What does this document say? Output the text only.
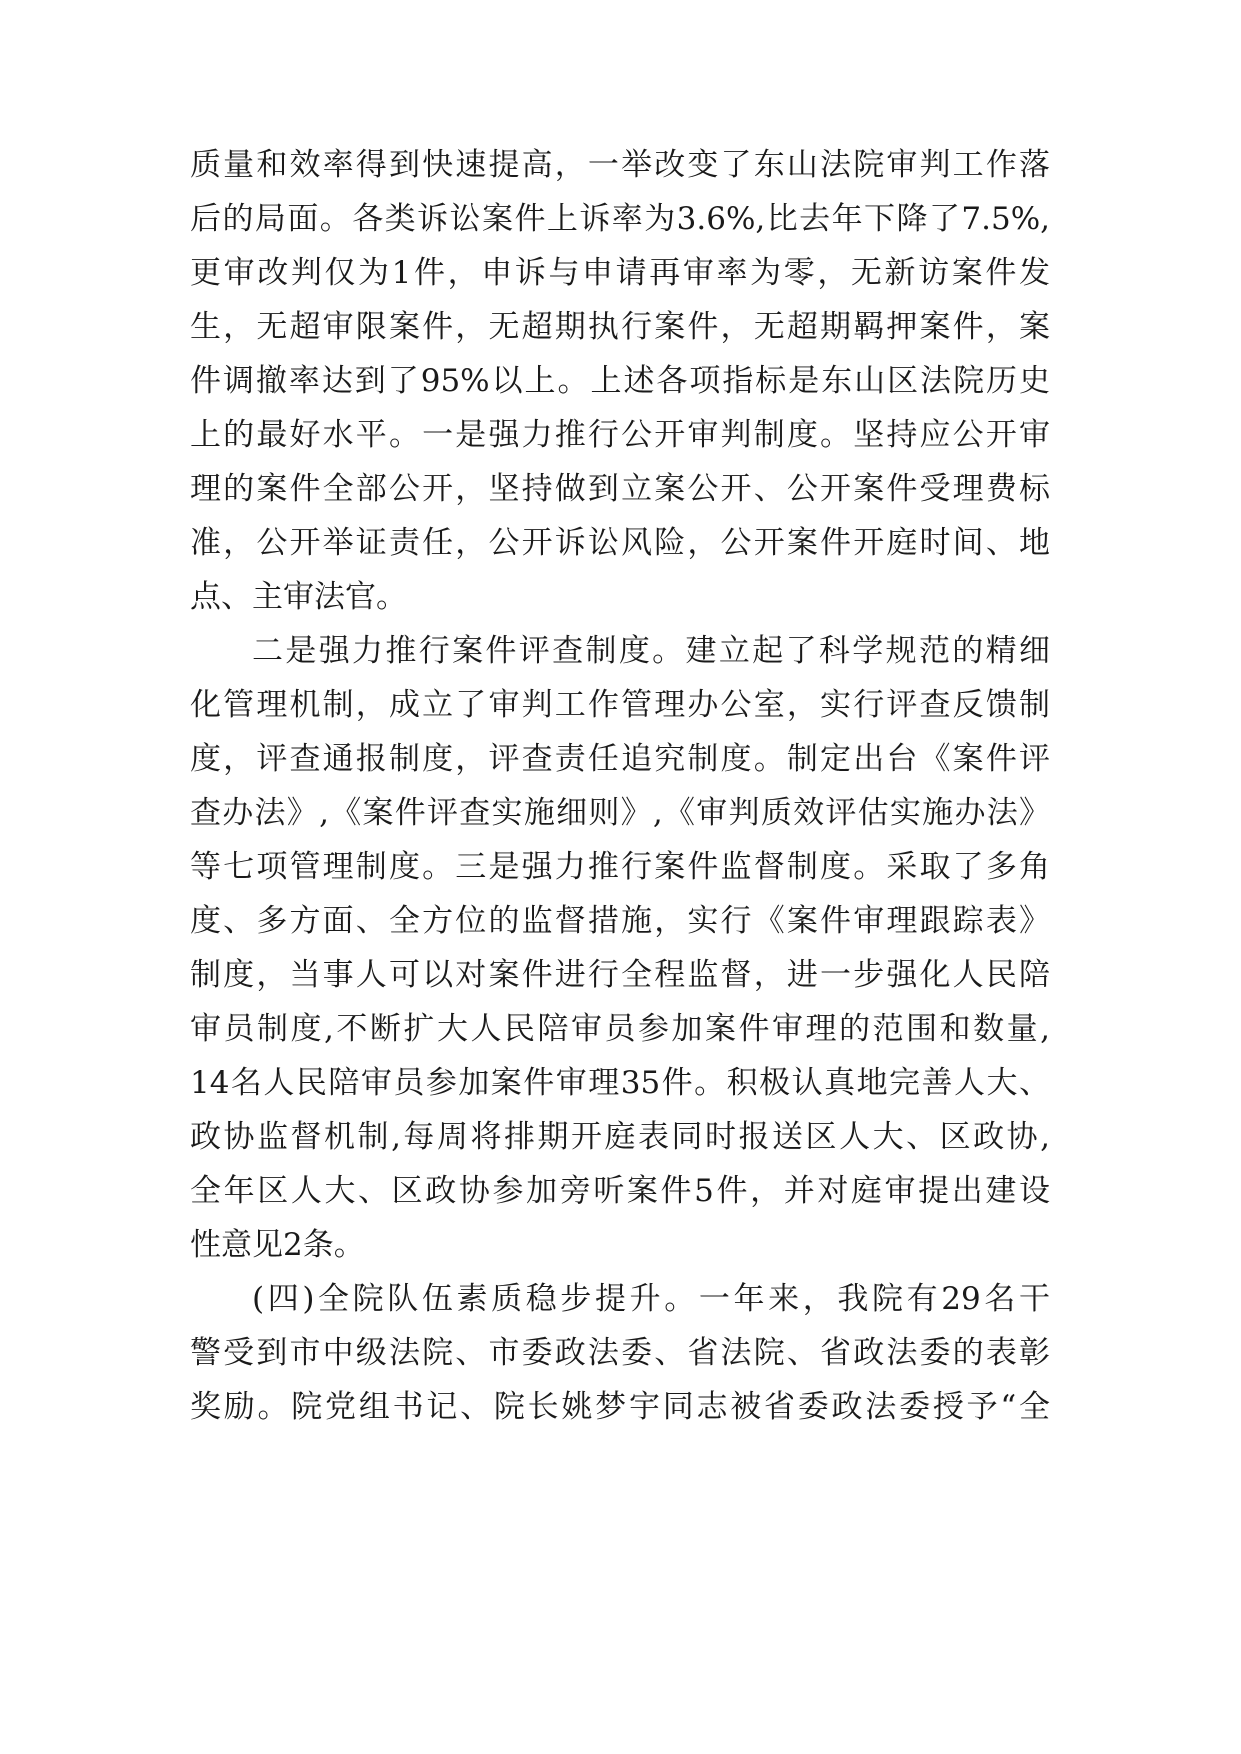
质量和效率得到快速提高，一举改变了东山法院审判工作落
后的局面。各类诉讼案件上诉率为3.6%,比去年下降了7.5%,
更审改判仅为1件，申诉与申请再审率为零，无新访案件发
生，无超审限案件，无超期执行案件，无超期羁押案件，案
件调撤率达到了95%以上。上述各项指标是东山区法院历史
上的最好水平。一是强力推行公开审判制度。坚持应公开审
理的案件全部公开，坚持做到立案公开、公开案件受理费标
准，公开举证责任，公开诉讼风险，公开案件开庭时间、地
点、主审法官。
二是强力推行案件评查制度。建立起了科学规范的精细
化管理机制，成立了审判工作管理办公室，实行评查反馈制
度，评查通报制度，评查责任追究制度。制定出台《案件评
查办法》,《案件评查实施细则》,《审判质效评估实施办法》
等七项管理制度。三是强力推行案件监督制度。采取了多角
度、多方面、全方位的监督措施，实行《案件审理跟踪表》
制度，当事人可以对案件进行全程监督，进一步强化人民陪
审员制度,不断扩大人民陪审员参加案件审理的范围和数量,
14名人民陪审员参加案件审理35件。积极认真地完善人大、
政协监督机制,每周将排期开庭表同时报送区人大、区政协,
全年区人大、区政协参加旁听案件5件，并对庭审提出建设
性意见2条。
(四)全院队伍素质稳步提升。一年来，我院有29名干
警受到市中级法院、市委政法委、省法院、省政法委的表彰
奖励。院党组书记、院长姚梦宇同志被省委政法委授予“全
